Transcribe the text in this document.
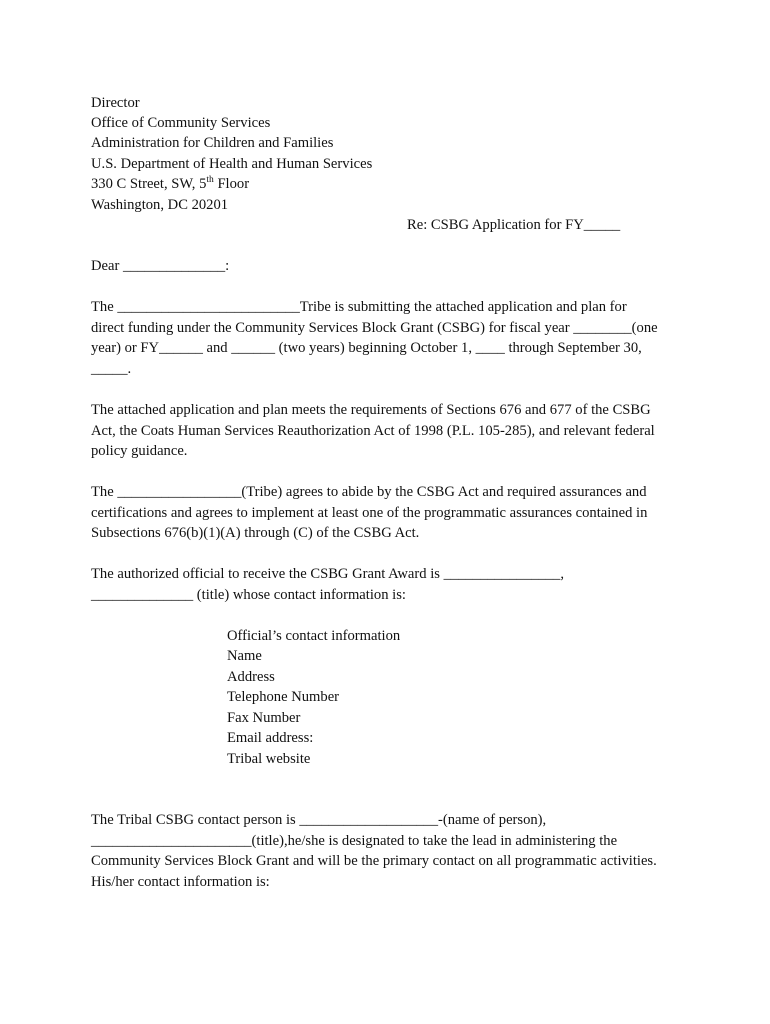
Director
Office of Community Services
Administration for Children and Families
U.S. Department of Health and Human Services
330 C Street, SW, 5th Floor
Washington, DC 20201
Re: CSBG Application for FY_____
Dear ______________:
The _________________________Tribe is submitting the attached application and plan for
direct funding under the Community Services Block Grant (CSBG) for fiscal year ________(one
year) or FY______ and ______ (two years) beginning October 1, ____ through September 30,
_____.
The attached application and plan meets the requirements of Sections 676 and 677 of the CSBG
Act, the Coats Human Services Reauthorization Act of 1998 (P.L. 105-285), and relevant federal
policy guidance.
The _________________(Tribe) agrees to abide by the CSBG Act and required assurances and
certifications and agrees to implement at least one of the programmatic assurances contained in
Subsections 676(b)(1)(A) through (C) of the CSBG Act.
The authorized official to receive the CSBG Grant Award is ________________,
______________ (title) whose contact information is:
Official’s contact information
Name
Address
Telephone Number
Fax Number
Email address:
Tribal website
The Tribal CSBG contact person is ___________________-(name of person),
______________________(title),he/she is designated to take the lead in administering the
Community Services Block Grant and will be the primary contact on all programmatic activities.
His/her contact information is:
